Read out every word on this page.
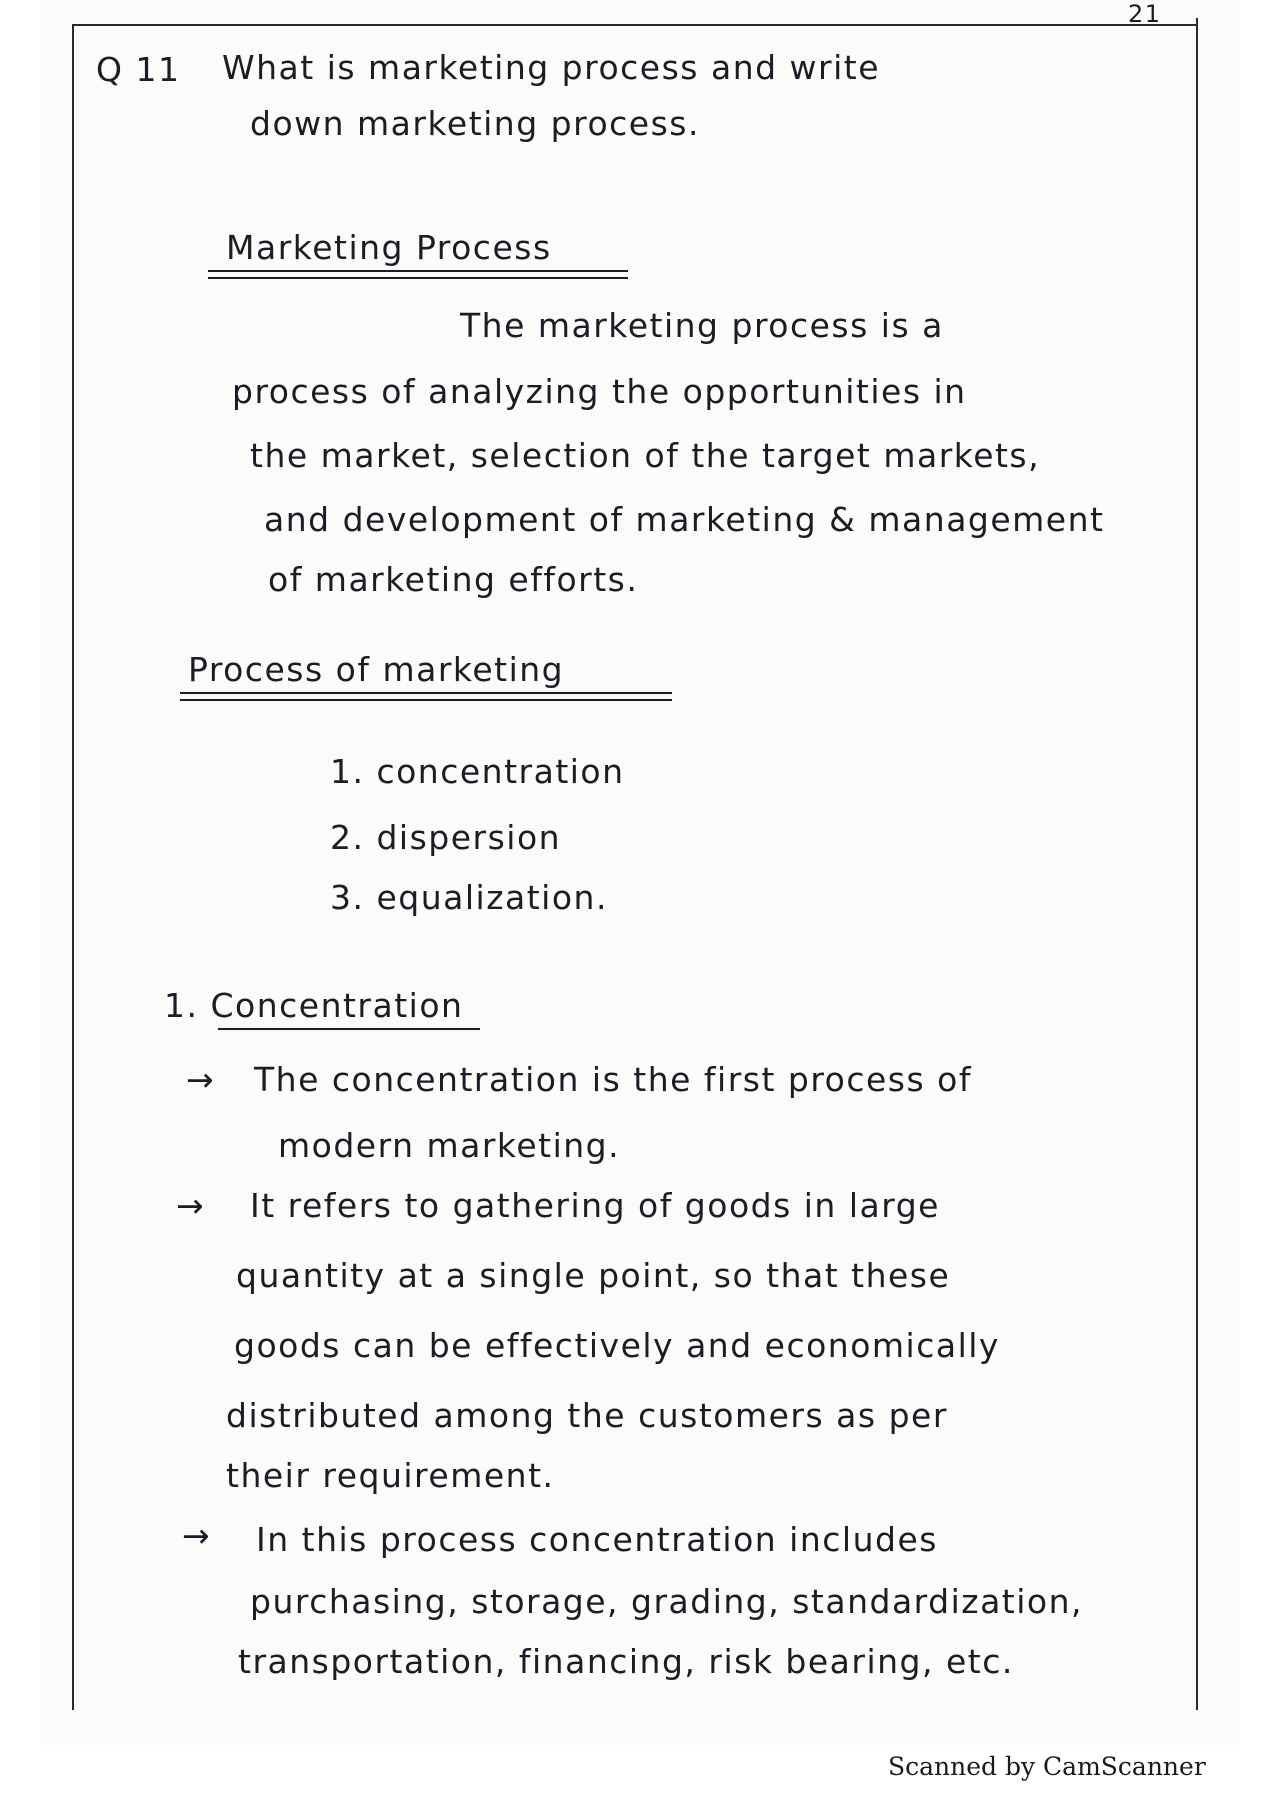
21

Q 11 What is marketing process and write

down marketing process.

Marketing Process

The marketing process is a

process of analyzing the opportunities in

the market, selection of the target markets,

and development of marketing & management

of marketing efforts.

Process of marketing

1. concentration

2. dispersion

3. equalization.

1. Concentration

→ The concentration is the first process of

modern marketing.

→ It refers to gathering of goods in large

quantity at a single point, so that these

goods can be effectively and economically

distributed among the customers as per

their requirement.

→ In this process concentration includes

purchasing, storage, grading, standardization,

transportation, financing, risk bearing, etc.

Scanned by CamScanner
